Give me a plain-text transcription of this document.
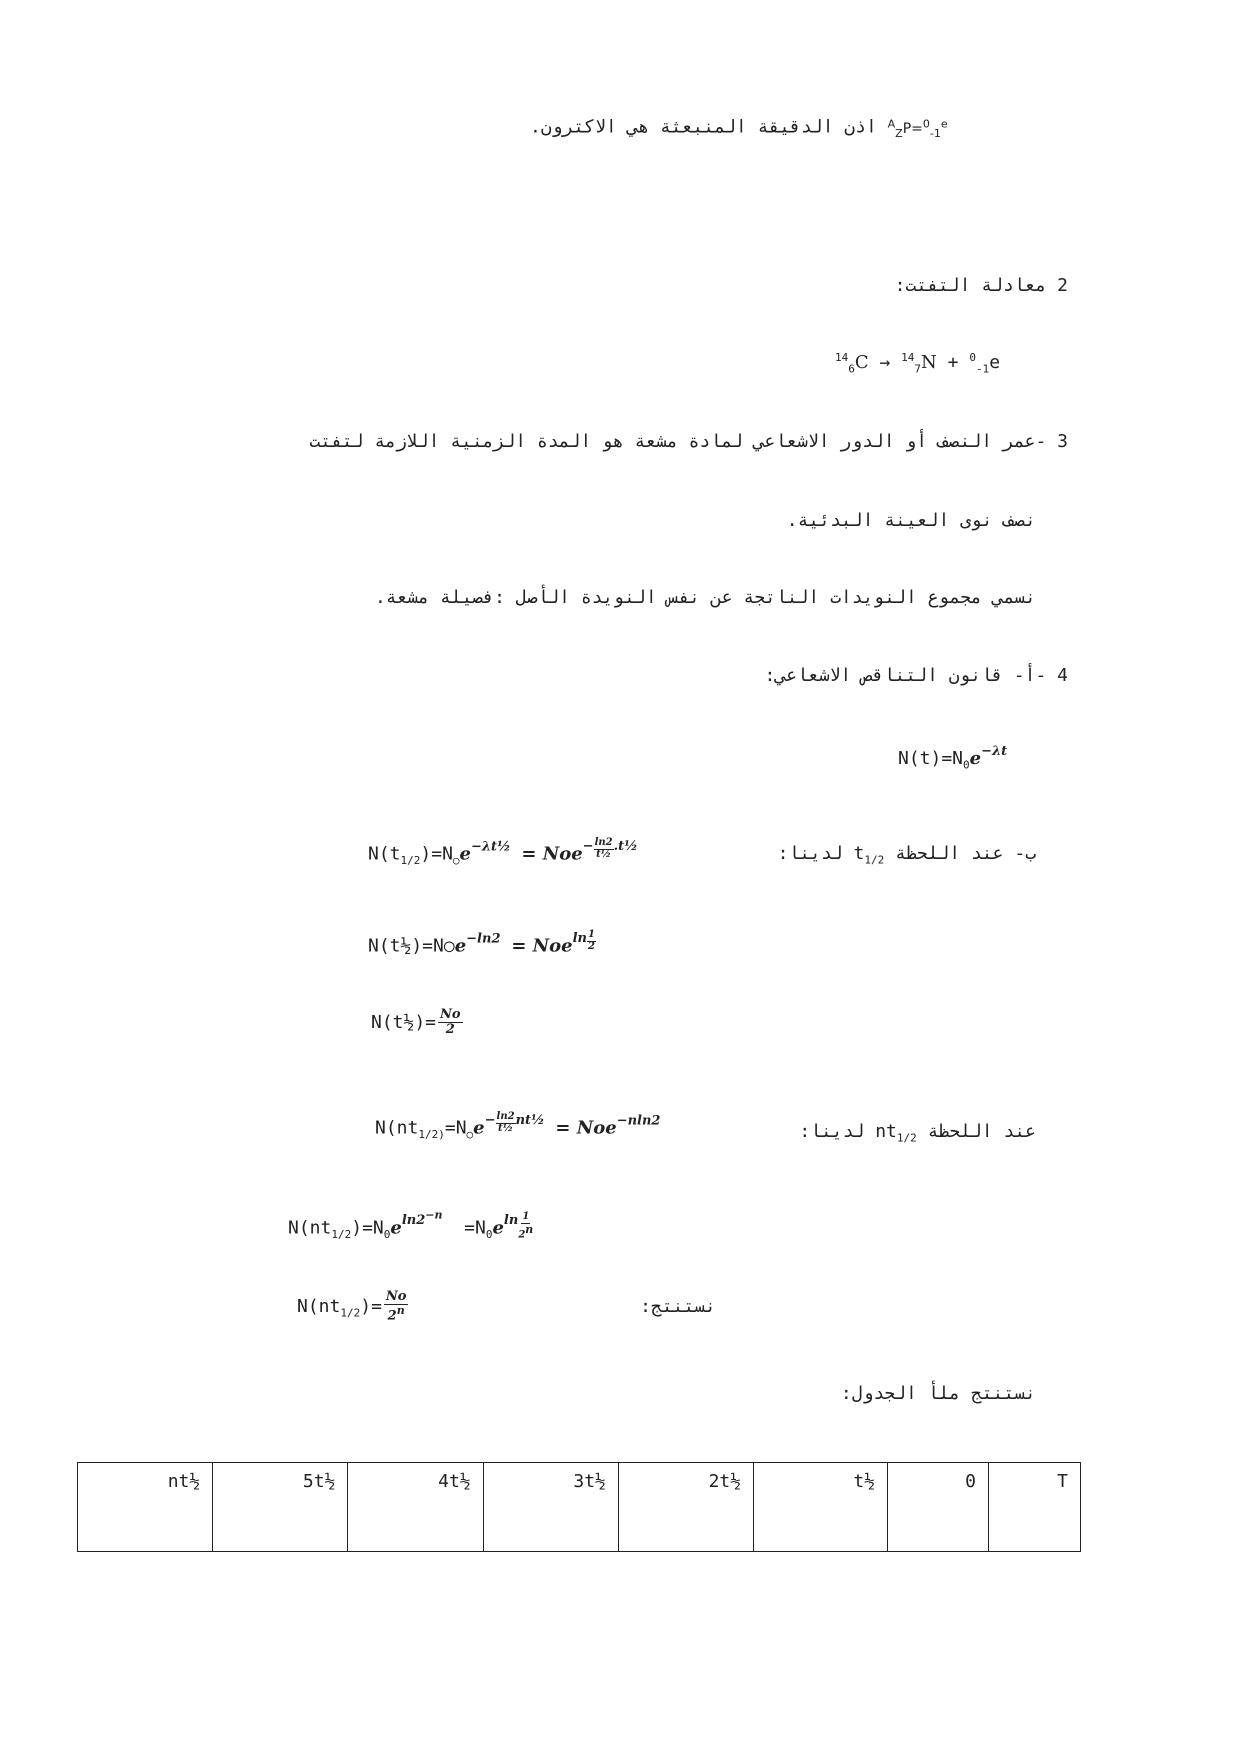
اذن الدقيقة المنبعثة هي الاكترون. $^A_Z$P=$^0_{-1}^e$
2 معادلة التفتت:
$^{14}_6$C → $^{14}_7$N + $^0_{-1}$e
3 -عمر النصف أو الدور الاشعاعي لمادة مشعة هو المدة الزمنية اللازمة لتفتت
نصف نوى العينة البدئية.
نسمي مجموع النويدات الناتجة عن نفس النويدة الأصل :فصيلة مشعة.
4 -أ- قانون التناقص الاشعاعي:
$N(t)=N_0e^{-\lambda t}$
ب- عند اللحظة $t_{1/2}$ لدينا:
$N(t_{1/2})=N_○e^{-\lambda t\frac{1}{2}} = Noe^{- \frac{\ln 2}{\text{t½}} .t\frac{1}{2}}$
$N(t\frac{1}{2})=N○e^{-ln2} = Noe^{ln \frac{1}{2}}$
N(t½)= $\frac{No}{2}$
عند اللحظة $nt_{1/2}$ لدينا:
$N(nt_{1/2)}=N_○e^{- \frac{\ln 2}{\text{t½}} nt\frac{1}{2}} = Noe^{-nln2}$
$N(nt_{1/2})=N_0e^{ln2^{-n}} =N_0e^{ln \frac{1}{2^n}}$
نستنتج:
$N(nt_{1/2})= \frac{No}{2^n}$
نستنتج ملأ الجدول:
nt½	5t½	4t½	3t½	2t½	t½	0	T
